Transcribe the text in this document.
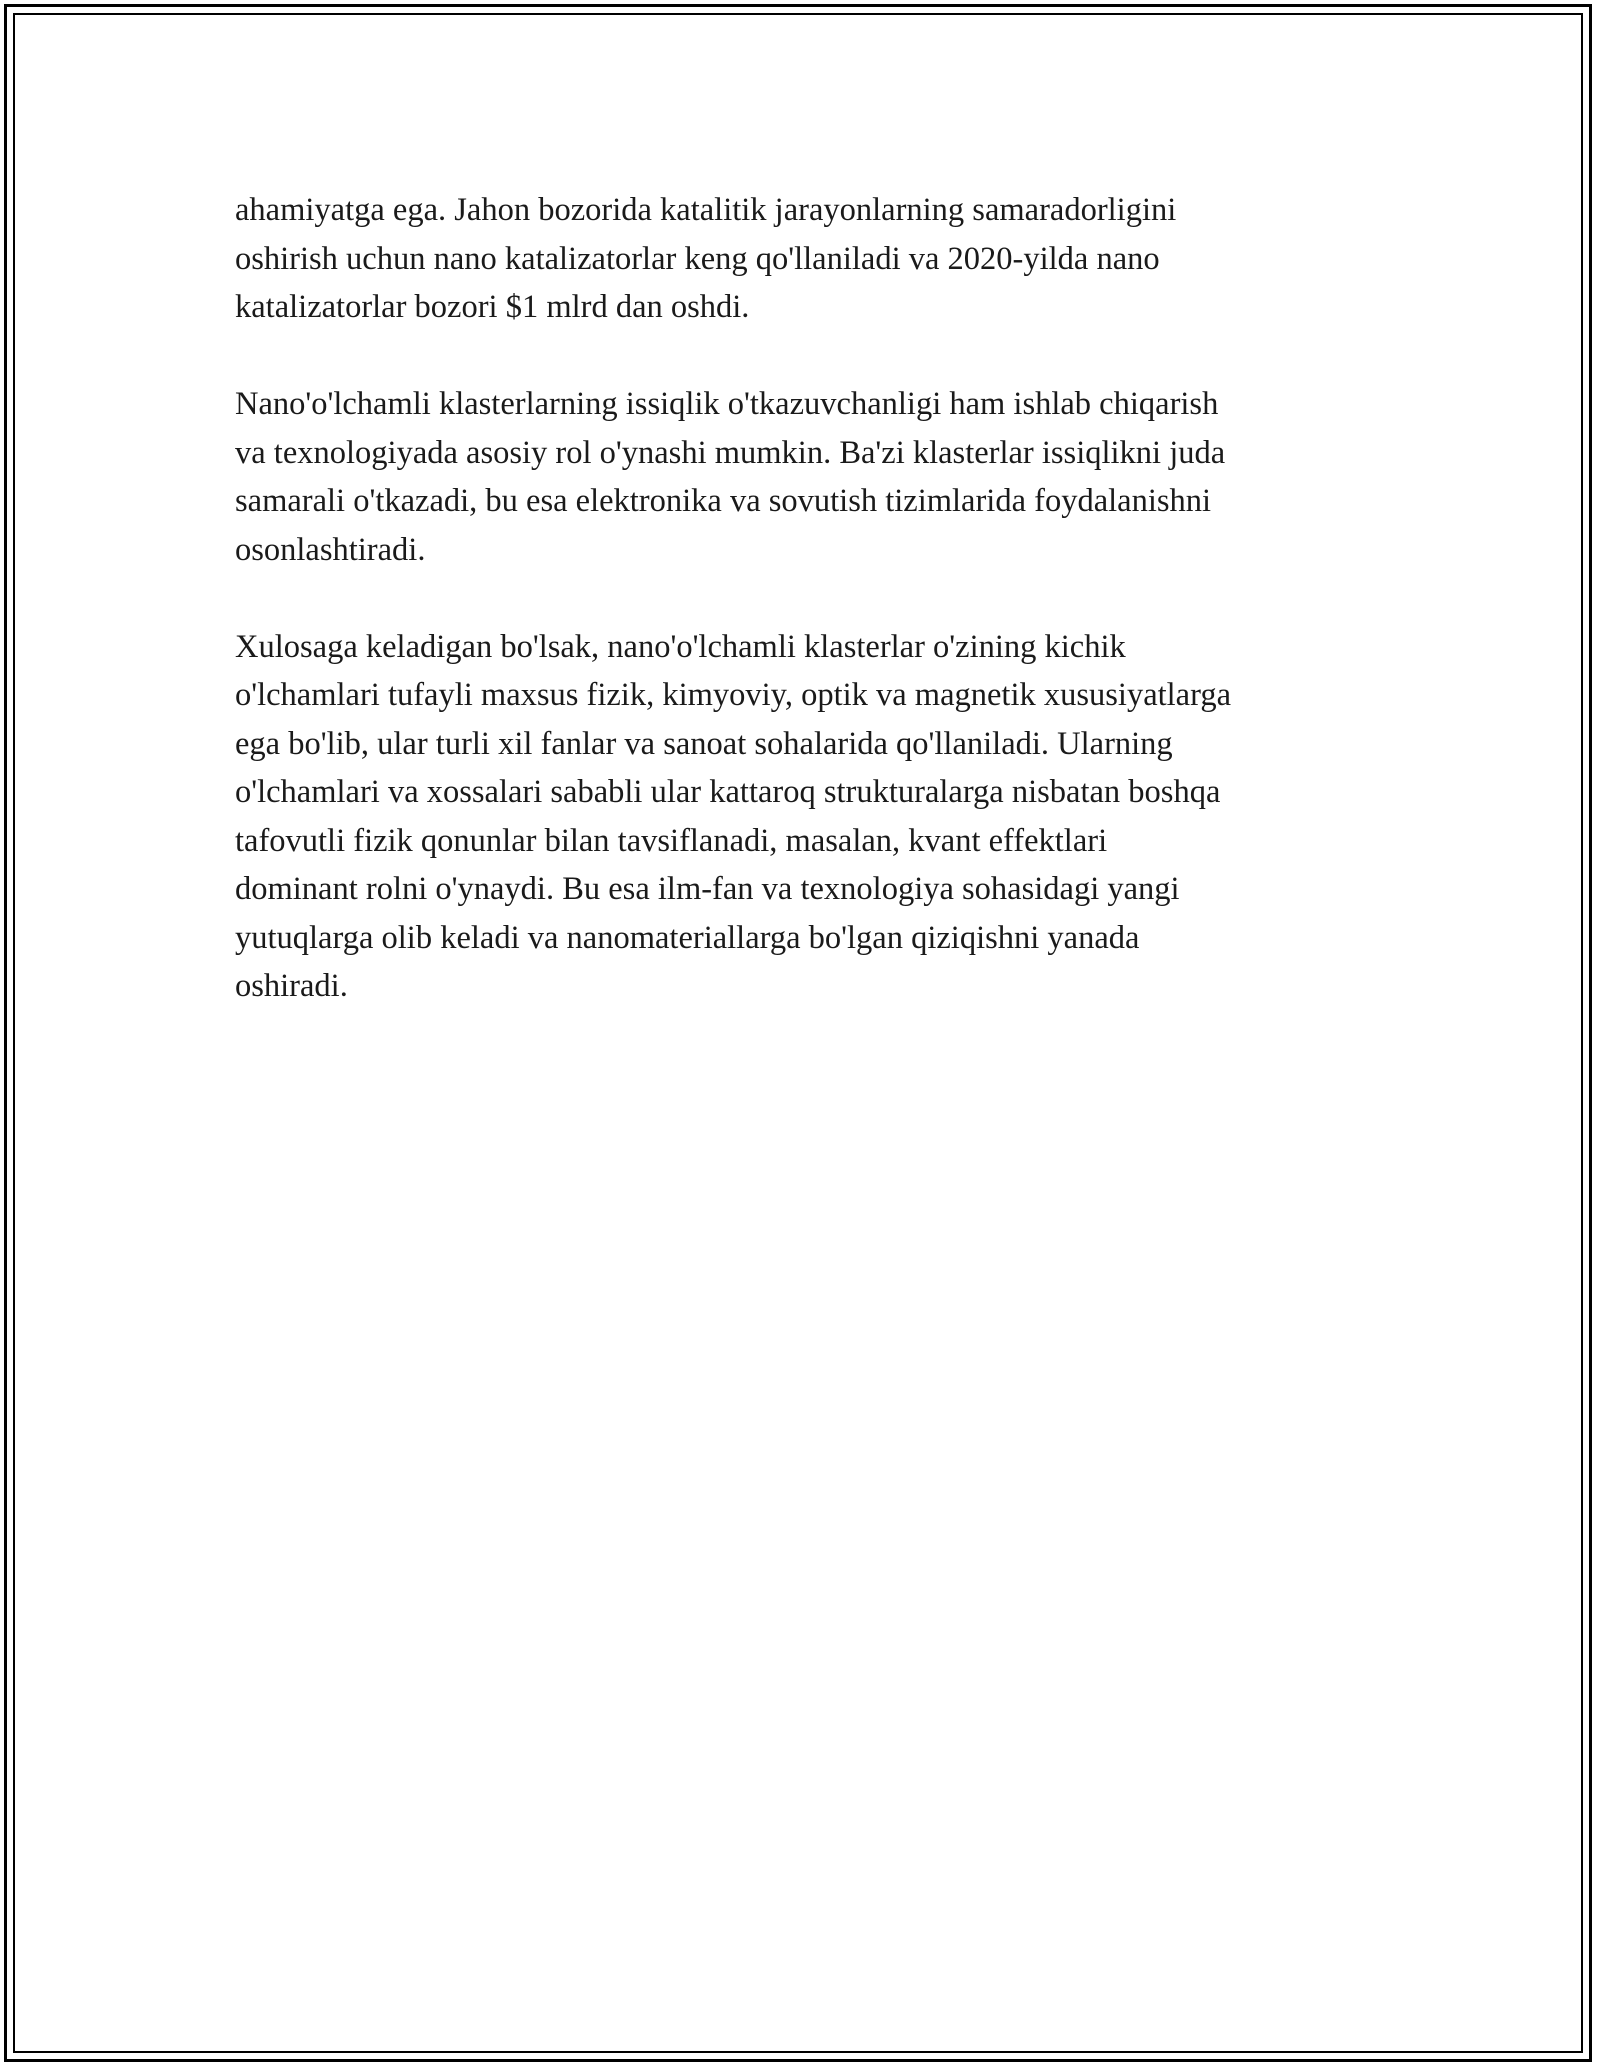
ahamiyatga ega. Jahon bozorida katalitik jarayonlarning samaradorligini
oshirish uchun nano katalizatorlar keng qo'llaniladi va 2020-yilda nano
katalizatorlar bozori $1 mlrd dan oshdi.

Nano'o'lchamli klasterlarning issiqlik o'tkazuvchanligi ham ishlab chiqarish
va texnologiyada asosiy rol o'ynashi mumkin. Ba'zi klasterlar issiqlikni juda
samarali o'tkazadi, bu esa elektronika va sovutish tizimlarida foydalanishni
osonlashtiradi.

Xulosaga keladigan bo'lsak, nano'o'lchamli klasterlar o'zining kichik
o'lchamlari tufayli maxsus fizik, kimyoviy, optik va magnetik xususiyatlarga
ega bo'lib, ular turli xil fanlar va sanoat sohalarida qo'llaniladi. Ularning
o'lchamlari va xossalari sababli ular kattaroq strukturalarga nisbatan boshqa
tafovutli fizik qonunlar bilan tavsiflanadi, masalan, kvant effektlari
dominant rolni o'ynaydi. Bu esa ilm-fan va texnologiya sohasidagi yangi
yutuqlarga olib keladi va nanomateriallarga bo'lgan qiziqishni yanada
oshiradi.
